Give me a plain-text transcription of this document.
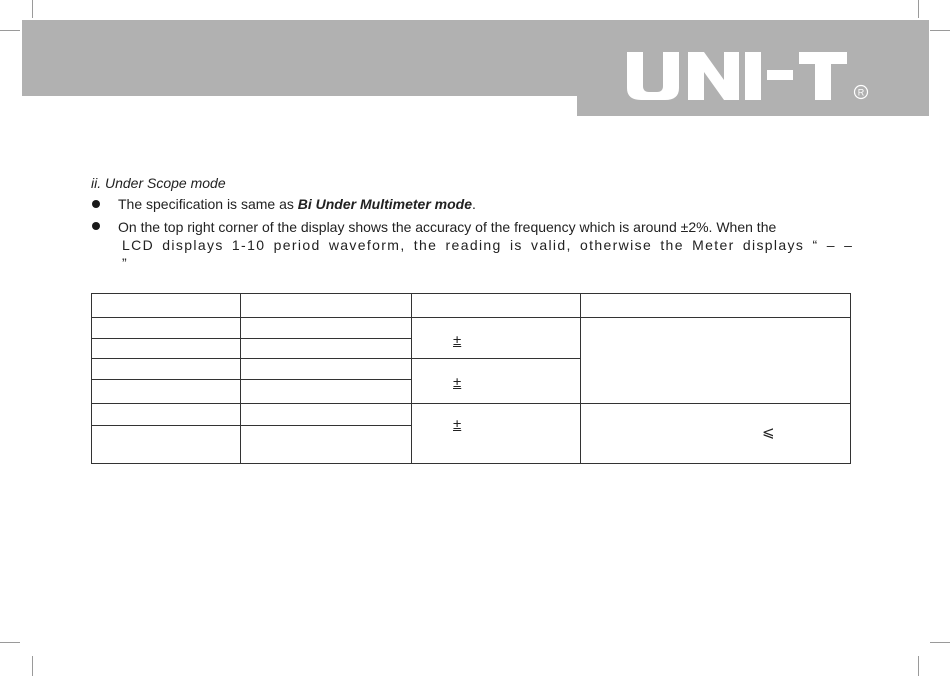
R
ii. Under Scope mode
The specification is same as Bi Under Multimeter mode.
On the top right corner of the display shows the accuracy of the frequency which is around ±2%. When the
LCD displays 1-10 period waveform, the reading is valid, otherwise the Meter displays “ – – ”
±
±
±	⩽
